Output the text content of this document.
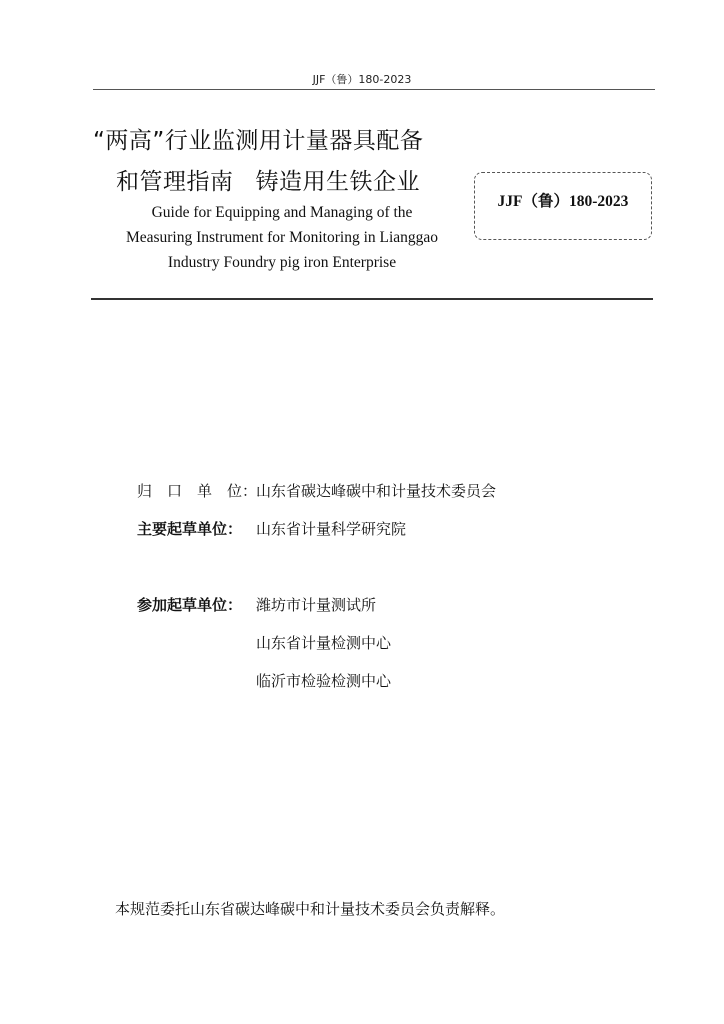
JJF（鲁）180-2023
“两高”行业监测用计量器具配备
和管理指南 铸造用生铁企业
Guide for Equipping and Managing of the
Measuring Instrument for Monitoring in Lianggao
Industry Foundry pig iron Enterprise
JJF（鲁）180-2023
归　口　单　位：
山东省碳达峰碳中和计量技术委员会
主要起草单位： 山东省计量科学研究院
参加起草单位： 潍坊市计量测试所
山东省计量检测中心
临沂市检验检测中心
本规范委托山东省碳达峰碳中和计量技术委员会负责解释。
